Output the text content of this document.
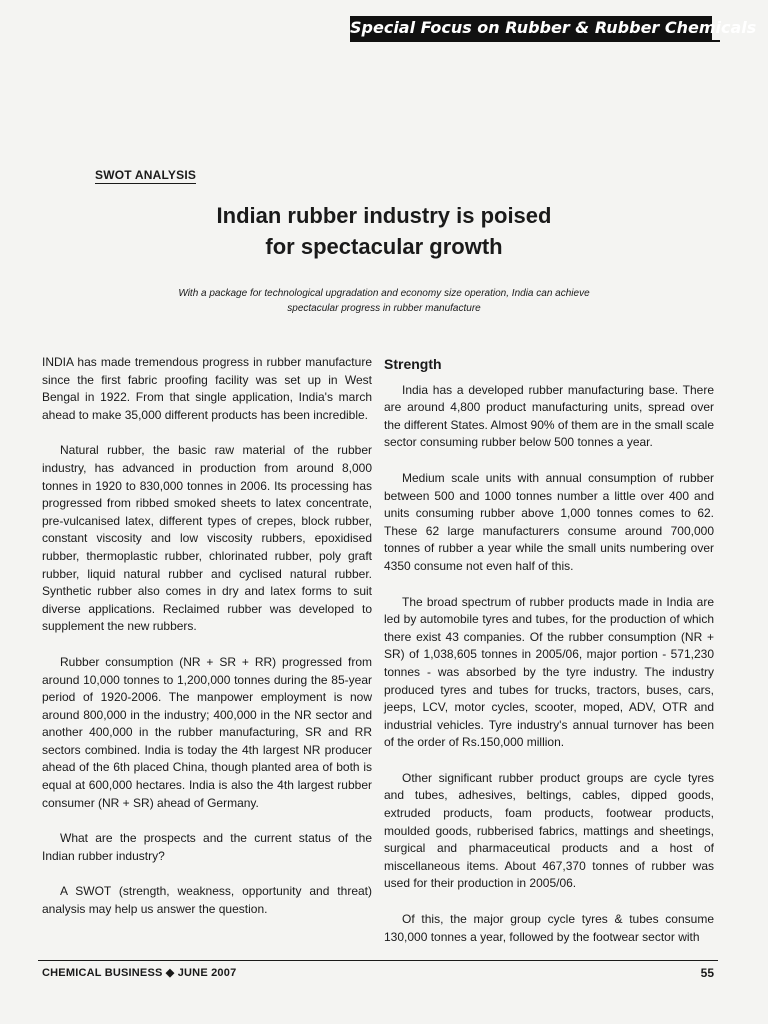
Special Focus on Rubber & Rubber Chemicals
SWOT ANALYSIS
Indian rubber industry is poised
for spectacular growth
With a package for technological upgradation and economy size operation, India can achieve
spectacular progress in rubber manufacture

INDIA has made tremendous progress in rubber manufacture since the first fabric proofing facility was set up in West Bengal in 1922. From that single application, India's march ahead to make 35,000 different products has been incredible.

Natural rubber, the basic raw material of the rubber industry, has advanced in production from around 8,000 tonnes in 1920 to 830,000 tonnes in 2006. Its processing has progressed from ribbed smoked sheets to latex concentrate, pre-vulcanised latex, different types of crepes, block rubber, constant viscosity and low viscosity rubbers, epoxidised rubber, thermoplastic rubber, chlorinated rubber, poly graft rubber, liquid natural rubber and cyclised natural rubber. Synthetic rubber also comes in dry and latex forms to suit diverse applications. Reclaimed rubber was developed to supplement the new rubbers.

Rubber consumption (NR + SR + RR) progressed from around 10,000 tonnes to 1,200,000 tonnes during the 85-year period of 1920-2006. The manpower employment is now around 800,000 in the industry; 400,000 in the NR sector and another 400,000 in the rubber manufacturing, SR and RR sectors combined. India is today the 4th largest NR producer ahead of the 6th placed China, though planted area of both is equal at 600,000 hectares. India is also the 4th largest rubber consumer (NR + SR) ahead of Germany.

What are the prospects and the current status of the Indian rubber industry?

A SWOT (strength, weakness, opportunity and threat) analysis may help us answer the question.

Strength

India has a developed rubber manufacturing base. There are around 4,800 product manufacturing units, spread over the different States. Almost 90% of them are in the small scale sector consuming rubber below 500 tonnes a year.

Medium scale units with annual consumption of rubber between 500 and 1000 tonnes number a little over 400 and units consuming rubber above 1,000 tonnes comes to 62. These 62 large manufacturers consume around 700,000 tonnes of rubber a year while the small units numbering over 4350 consume not even half of this.

The broad spectrum of rubber products made in India are led by automobile tyres and tubes, for the production of which there exist 43 companies. Of the rubber consumption (NR + SR) of 1,038,605 tonnes in 2005/06, major portion - 571,230 tonnes - was absorbed by the tyre industry. The industry produced tyres and tubes for trucks, tractors, buses, cars, jeeps, LCV, motor cycles, scooter, moped, ADV, OTR and industrial vehicles. Tyre industry's annual turnover has been of the order of Rs.150,000 million.

Other significant rubber product groups are cycle tyres and tubes, adhesives, beltings, cables, dipped goods, extruded products, foam products, footwear products, moulded goods, rubberised fabrics, mattings and sheetings, surgical and pharmaceutical products and a host of miscellaneous items. About 467,370 tonnes of rubber was used for their production in 2005/06.

Of this, the major group cycle tyres & tubes consume 130,000 tonnes a year, followed by the footwear sector with

CHEMICAL BUSINESS ◆ JUNE 2007	55
